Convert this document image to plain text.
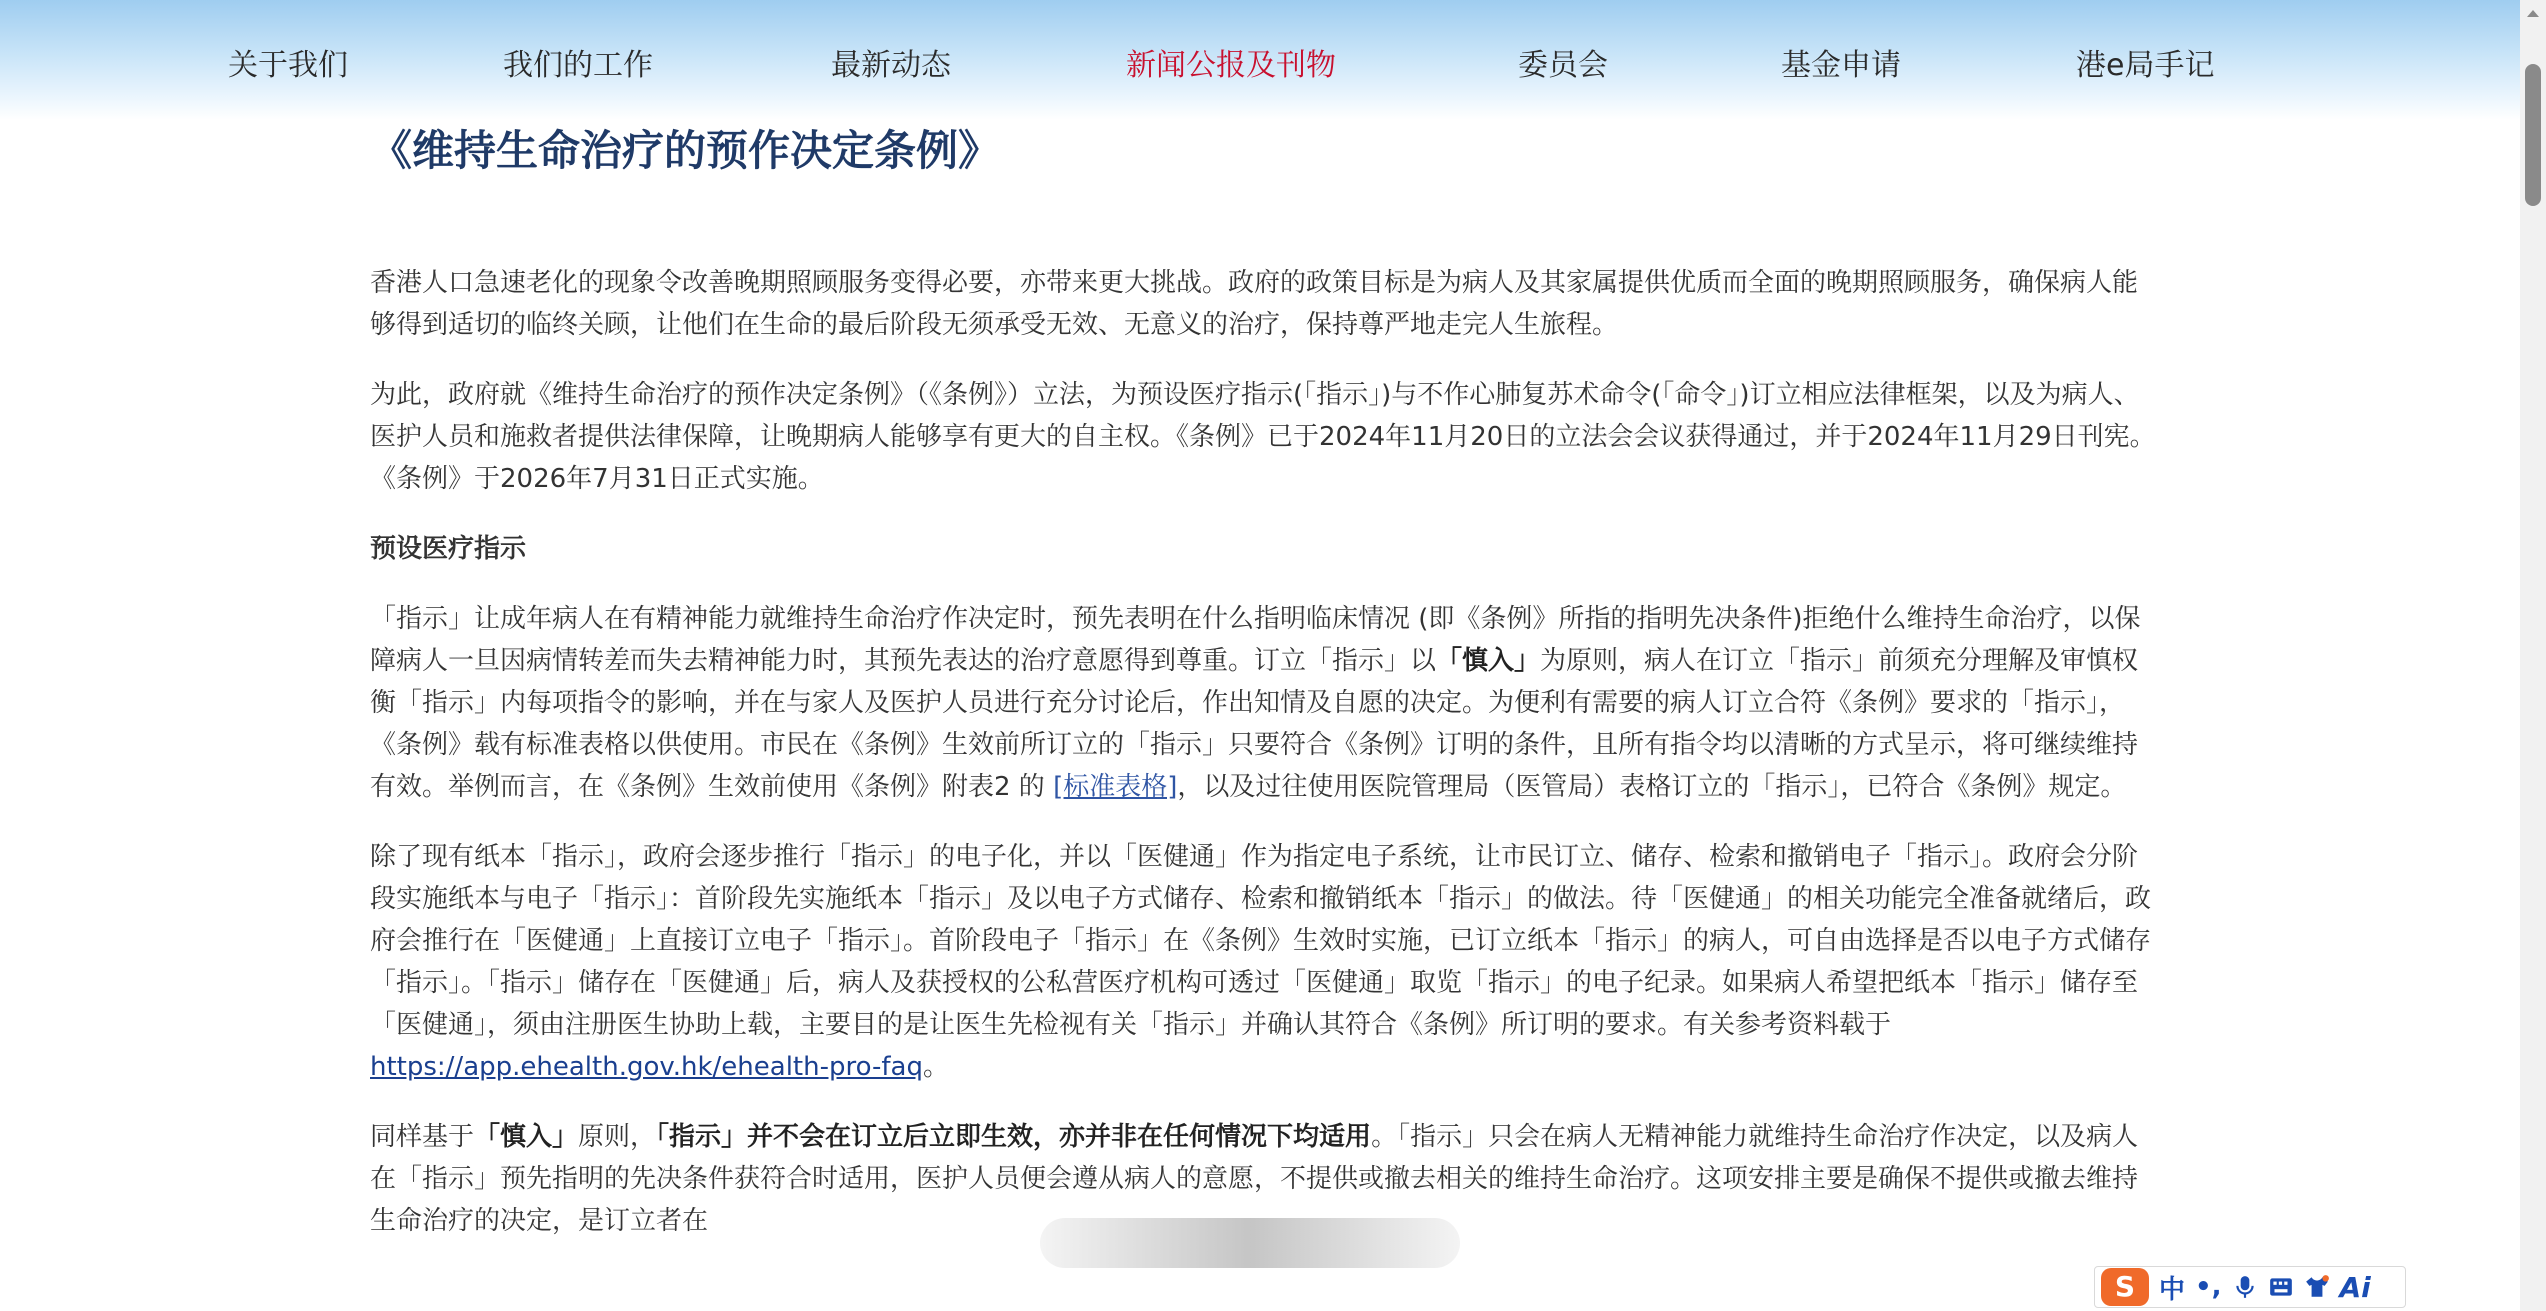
关于我们	我们的工作	最新动态	新闻公报及刊物	委员会	基金申请	港e局手记
《维持生命治疗的预作决定条例》

香港人口急速老化的现象令改善晚期照顾服务变得必要，亦带来更大挑战。政府的政策目标是为病人及其家属提供优质而全面的晚期照顾服务，确保病人能够得到适切的临终关顾，让他们在生命的最后阶段无须承受无效、无意义的治疗，保持尊严地走完人生旅程。

为此，政府就《维持生命治疗的预作决定条例》（《条例》）立法，为预设医疗指示(「指示」)与不作心肺复苏术命令(「命令」)订立相应法律框架，以及为病人、医护人员和施救者提供法律保障，让晚期病人能够享有更大的自主权。《条例》已于2024年11月20日的立法会会议获得通过，并于2024年11月29日刊宪。《条例》于2026年7月31日正式实施。

预设医疗指示

「指示」让成年病人在有精神能力就维持生命治疗作决定时，预先表明在什么指明临床情况 (即《条例》所指的指明先决条件)拒绝什么维持生命治疗，以保障病人一旦因病情转差而失去精神能力时，其预先表达的治疗意愿得到尊重。订立「指示」以「慎入」为原则，病人在订立「指示」前须充分理解及审慎权衡「指示」内每项指令的影响，并在与家人及医护人员进行充分讨论后，作出知情及自愿的决定。为便利有需要的病人订立合符《条例》要求的「指示」，《条例》载有标准表格以供使用。市民在《条例》生效前所订立的「指示」只要符合《条例》订明的条件，且所有指令均以清晰的方式呈示，将可继续维持有效。举例而言，在《条例》生效前使用《条例》附表2 的 [标准表格]，以及过往使用医院管理局（医管局）表格订立的「指示」，已符合《条例》规定。

除了现有纸本「指示」，政府会逐步推行「指示」的电子化，并以「医健通」作为指定电子系统，让市民订立、储存、检索和撤销电子「指示」。政府会分阶段实施纸本与电子「指示」：首阶段先实施纸本「指示」及以电子方式储存、检索和撤销纸本「指示」的做法。待「医健通」的相关功能完全准备就绪后，政府会推行在「医健通」上直接订立电子「指示」。首阶段电子「指示」在《条例》生效时实施，已订立纸本「指示」的病人，可自由选择是否以电子方式储存「指示」。「指示」储存在「医健通」后，病人及获授权的公私营医疗机构可透过「医健通」取览「指示」的电子纪录。如果病人希望把纸本「指示」储存至「医健通」，须由注册医生协助上载，主要目的是让医生先检视有关「指示」并确认其符合《条例》所订明的要求。有关参考资料载于https://app.ehealth.gov.hk/ehealth-pro-faq。

同样基于「慎入」原则，「指示」并不会在订立后立即生效，亦并非在任何情况下均适用。「指示」只会在病人无精神能力就维持生命治疗作决定，以及病人在「指示」预先指明的先决条件获符合时适用，医护人员便会遵从病人的意愿，不提供或撤去相关的维持生命治疗。这项安排主要是确保不提供或撤去维持生命治疗的决定，是订立者在

S 中 •,	Ai
